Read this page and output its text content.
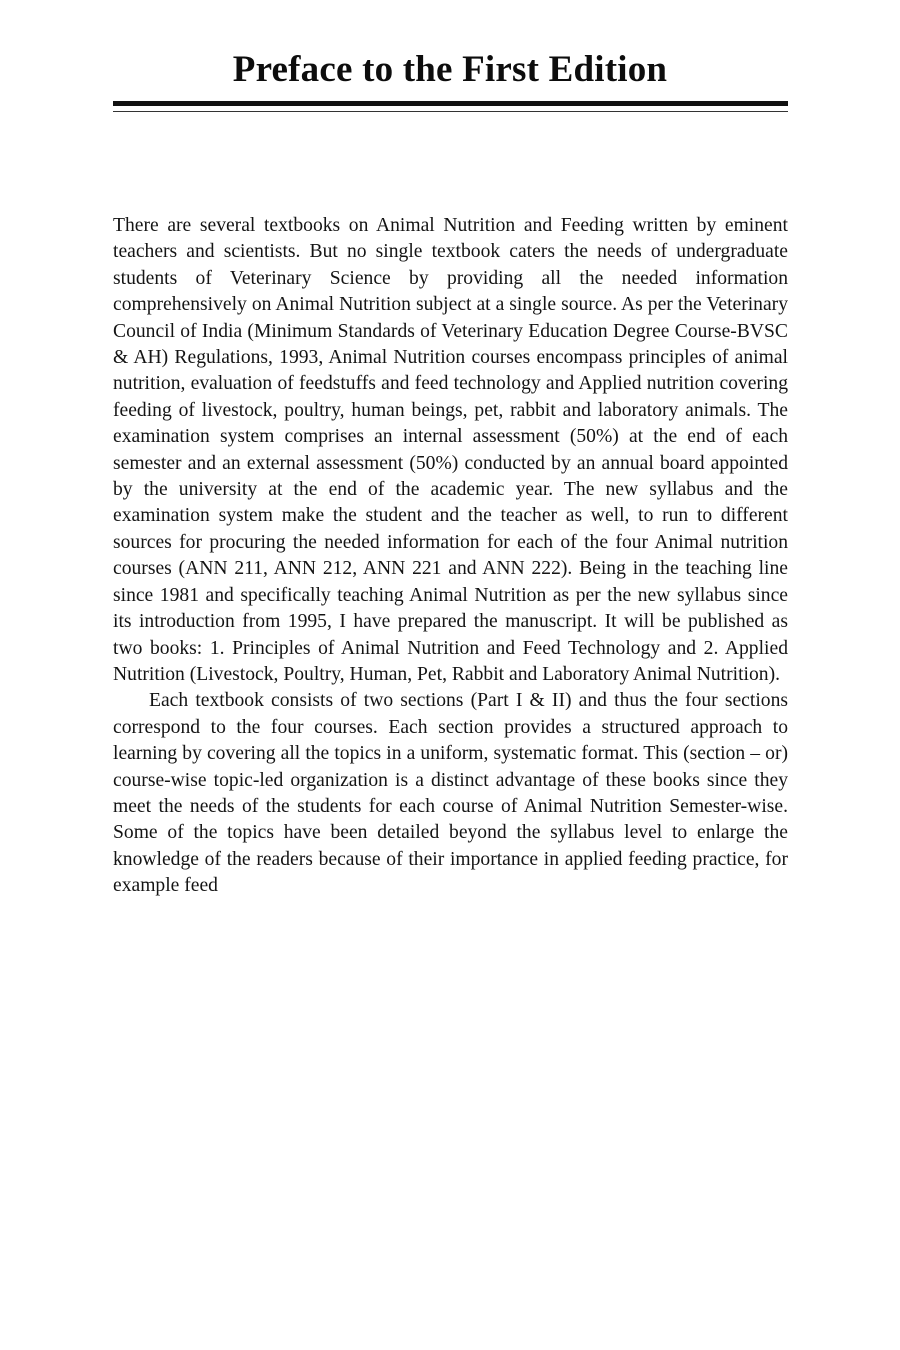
Preface to the First Edition

There are several textbooks on Animal Nutrition and Feeding written by eminent teachers and scientists. But no single textbook caters the needs of undergraduate students of Veterinary Science by providing all the needed information comprehensively on Animal Nutrition subject at a single source. As per the Veterinary Council of India (Minimum Standards of Veterinary Education Degree Course-BVSC & AH) Regulations, 1993, Animal Nutrition courses encompass principles of animal nutrition, evaluation of feedstuffs and feed technology and Applied nutrition covering feeding of livestock, poultry, human beings, pet, rabbit and laboratory animals. The examination system comprises an internal assessment (50%) at the end of each semester and an external assessment (50%) conducted by an annual board appointed by the university at the end of the academic year. The new syllabus and the examination system make the student and the teacher as well, to run to different sources for procuring the needed information for each of the four Animal nutrition courses (ANN 211, ANN 212, ANN 221 and ANN 222). Being in the teaching line since 1981 and specifically teaching Animal Nutrition as per the new syllabus since its introduction from 1995, I have prepared the manuscript. It will be published as two books: 1. Principles of Animal Nutrition and Feed Technology and 2. Applied Nutrition (Livestock, Poultry, Human, Pet, Rabbit and Laboratory Animal Nutrition).

Each textbook consists of two sections (Part I & II) and thus the four sections correspond to the four courses. Each section provides a structured approach to learning by covering all the topics in a uniform, systematic format. This (section – or) course-wise topic-led organization is a distinct advantage of these books since they meet the needs of the students for each course of Animal Nutrition Semester-wise. Some of the topics have been detailed beyond the syllabus level to enlarge the knowledge of the readers because of their importance in applied feeding practice, for example feed
